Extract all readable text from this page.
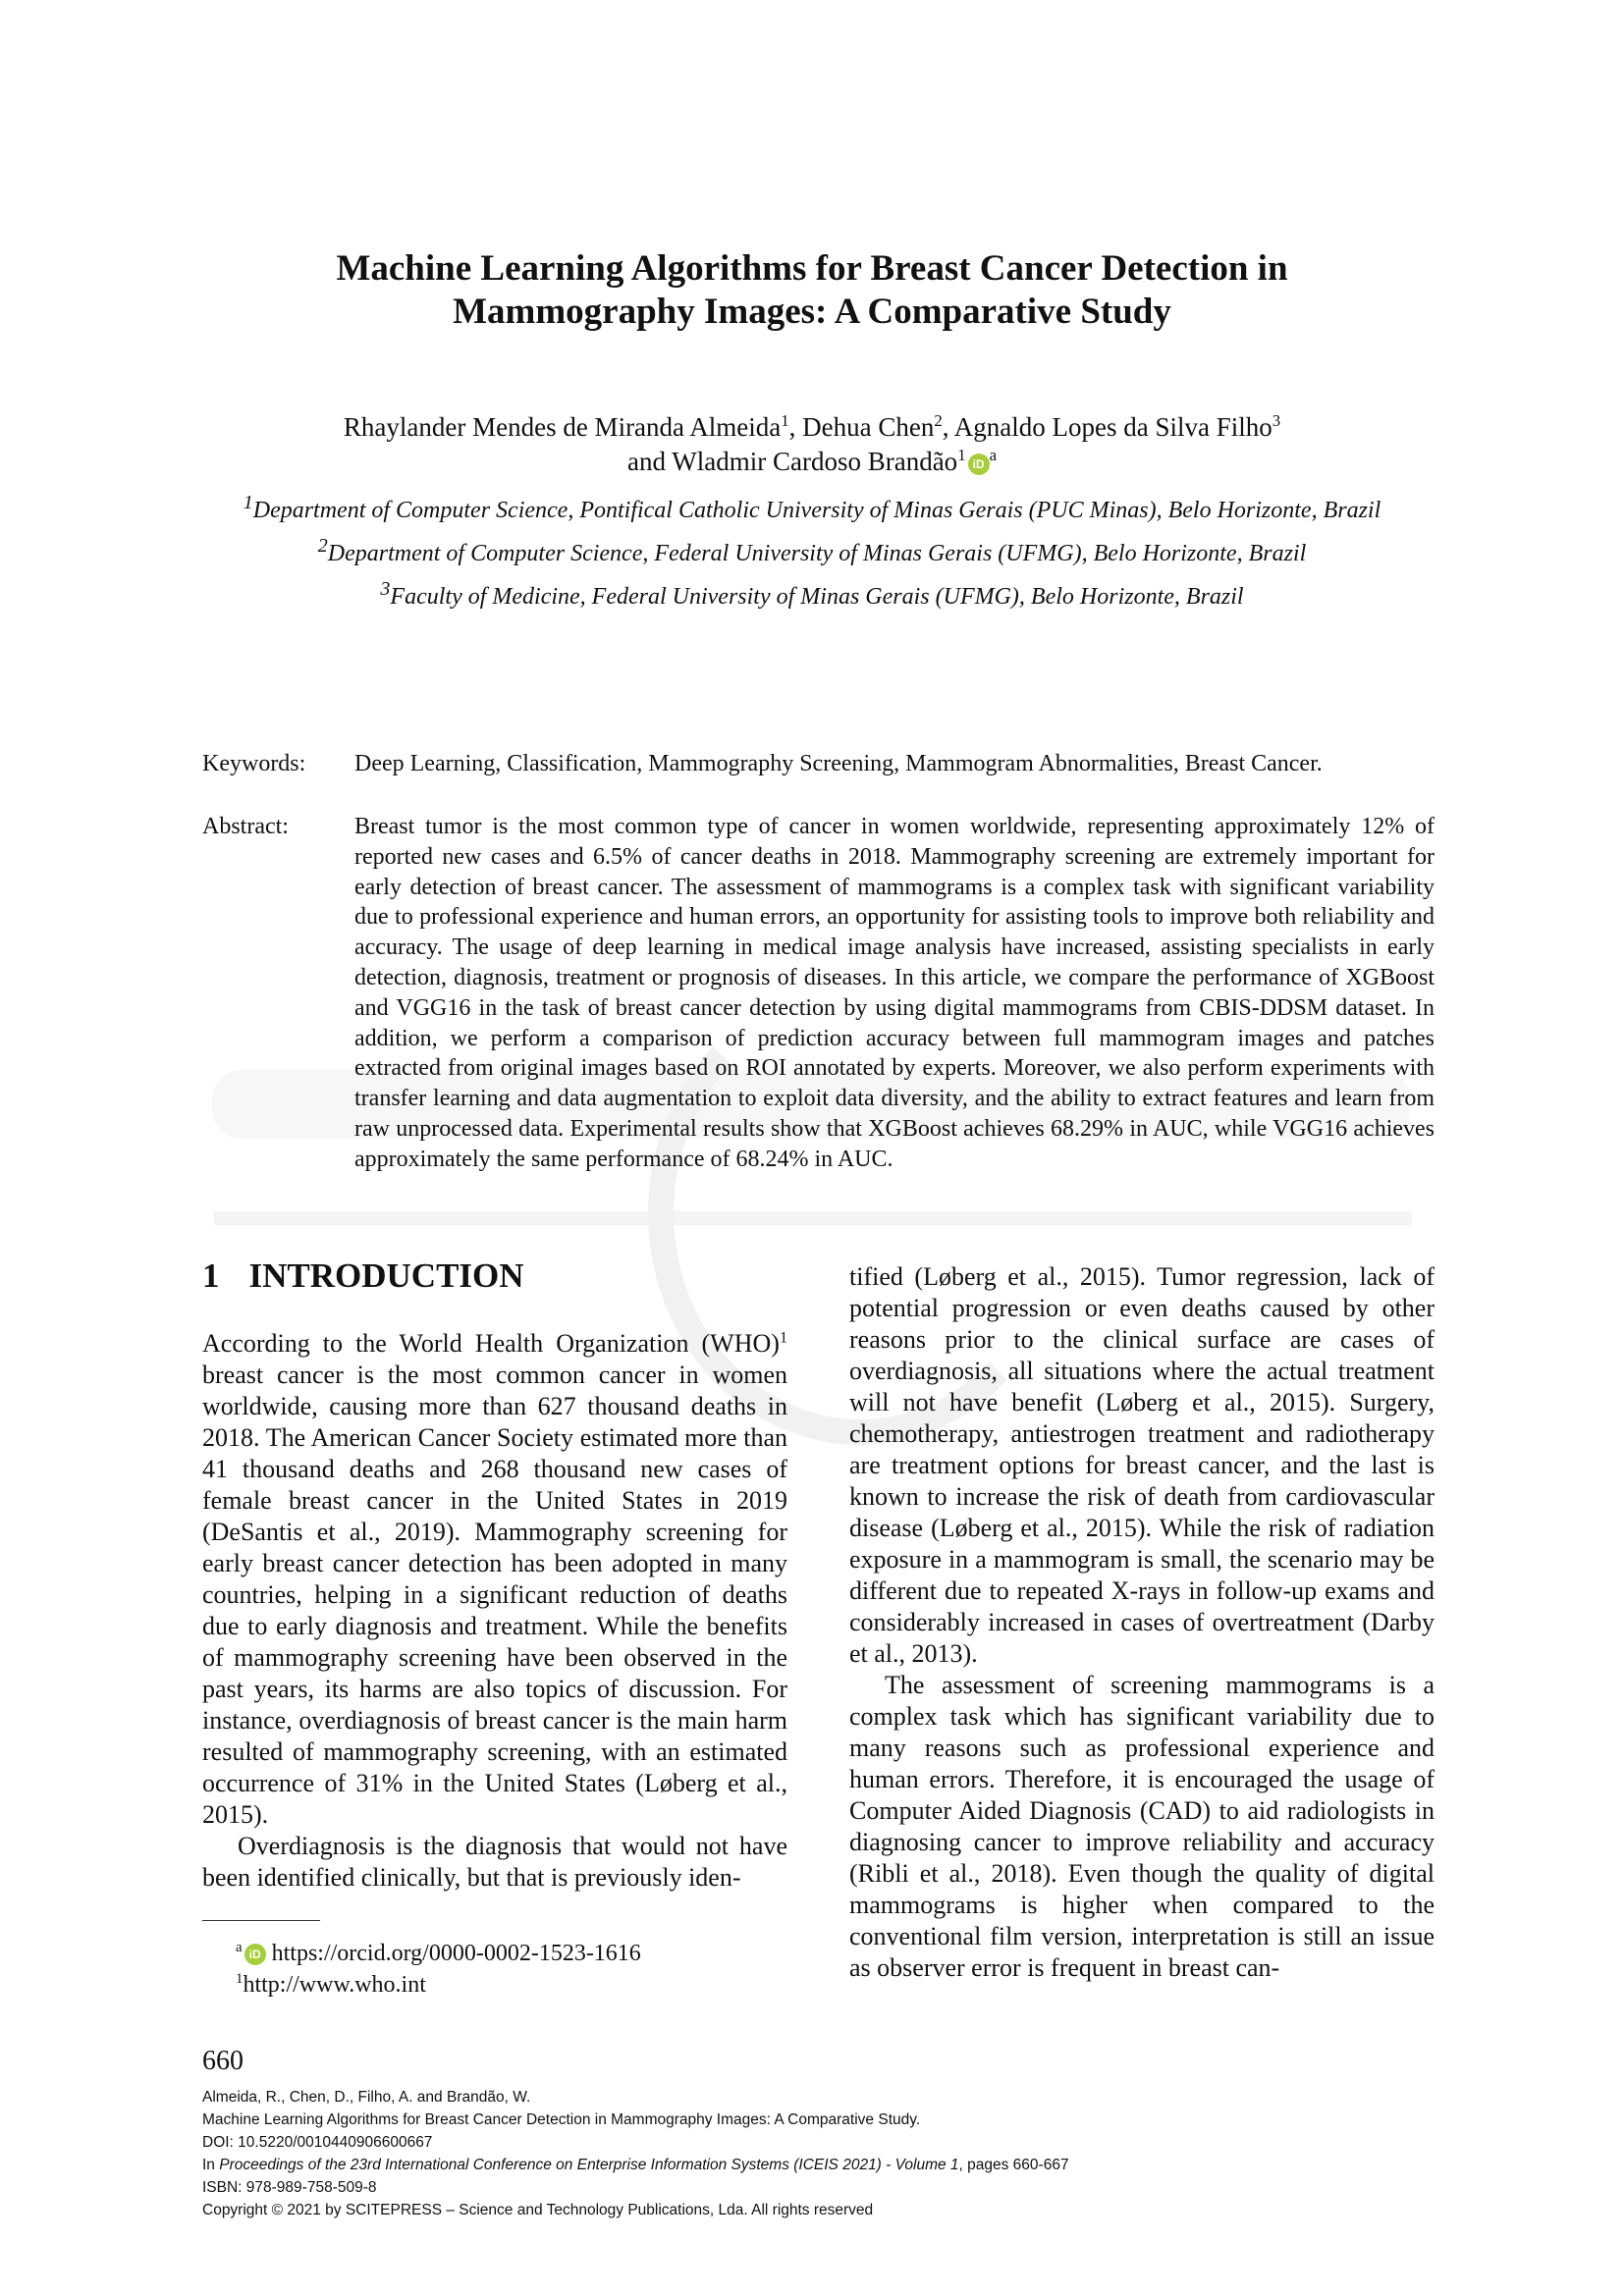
Machine Learning Algorithms for Breast Cancer Detection in
Mammography Images: A Comparative Study
Rhaylander Mendes de Miranda Almeida$^1$, Dehua Chen$^2$, Agnaldo Lopes da Silva Filho$^3$
and Wladmir Cardoso $Brandão^1iD^a$
$^1$Department of Computer Science, Pontifical Catholic University of Minas Gerais (PUC Minas), Belo Horizonte, Brazil
$^2$Department of Computer Science, Federal University of Minas Gerais (UFMG), Belo Horizonte, Brazil
$^3$Faculty of Medicine, Federal University of Minas Gerais (UFMG), Belo Horizonte, Brazil
Keywords: Deep Learning, Classification, Mammography Screening, Mammogram Abnormalities, Breast Cancer.
Abstract:	Breast tumor is the most common type of cancer in women worldwide, representing approximately 12% of reported new cases and 6.5% of cancer deaths in 2018. Mammography screening are extremely important for early detection of breast cancer. The assessment of mammograms is a complex task with significant variability due to professional experience and human errors, an opportunity for assisting tools to improve both reliability and accuracy. The usage of deep learning in medical image analysis have increased, assisting specialists in early detection, diagnosis, treatment or prognosis of diseases. In this article, we compare the performance of XGBoost and VGG16 in the task of breast cancer detection by using digital mammograms from CBIS-DDSM dataset. In addition, we perform a comparison of prediction accuracy between full mammogram images and patches extracted from original images based on ROI annotated by experts. Moreover, we also perform experiments with transfer learning and data augmentation to exploit data diversity, and the ability to extract features and learn from raw unprocessed data. Experimental results show that XGBoost achieves 68.29% in AUC, while VGG16 achieves approximately the same performance of 68.24% in AUC.
1 INTRODUCTION

According to the World Health Organization (WHO)$^1$ breast cancer is the most common cancer in women worldwide, causing more than 627 thousand deaths in 2018. The American Cancer Society estimated more than 41 thousand deaths and 268 thousand new cases of female breast cancer in the United States in 2019 (DeSantis et al., 2019). Mammography screening for early breast cancer detection has been adopted in many countries, helping in a significant reduction of deaths due to early diagnosis and treatment. While the benefits of mammography screening have been observed in the past years, its harms are also topics of discussion. For instance, overdiagnosis of breast cancer is the main harm resulted of mammography screening, with an estimated occurrence of 31% in the United States (Løberg et al., 2015).

Overdiagnosis is the diagnosis that would not have been identified clinically, but that is previously iden-

tified (Løberg et al., 2015). Tumor regression, lack of potential progression or even deaths caused by other reasons prior to the clinical surface are cases of overdiagnosis, all situations where the actual treatment will not have benefit (Løberg et al., 2015). Surgery, chemotherapy, antiestrogen treatment and radiotherapy are treatment options for breast cancer, and the last is known to increase the risk of death from cardiovascular disease (Løberg et al., 2015). While the risk of radiation exposure in a mammogram is small, the scenario may be different due to repeated X-rays in follow-up exams and considerably increased in cases of overtreatment (Darby et al., 2013).

The assessment of screening mammograms is a complex task which has significant variability due to many reasons such as professional experience and human errors. Therefore, it is encouraged the usage of Computer Aided Diagnosis (CAD) to aid radiologists in diagnosing cancer to improve reliability and accuracy (Ribli et al., 2018). Even though the quality of digital mammograms is higher when compared to the conventional film version, interpretation is still an issue as observer error is frequent in breast can-

$^a$ iD https://orcid.org/0000-0002-1523-1616
$^1$http://www.who.int
660
Almeida, R., Chen, D., Filho, A. and Brandão, W.
Machine Learning Algorithms for Breast Cancer Detection in Mammography Images: A Comparative Study.
DOI: 10.5220/0010440906600667
In Proceedings of the 23rd International Conference on Enterprise Information Systems (ICEIS 2021) - Volume 1, pages 660-667
ISBN: 978-989-758-509-8
Copyright © 2021 by SCITEPRESS – Science and Technology Publications, Lda. All rights reserved
